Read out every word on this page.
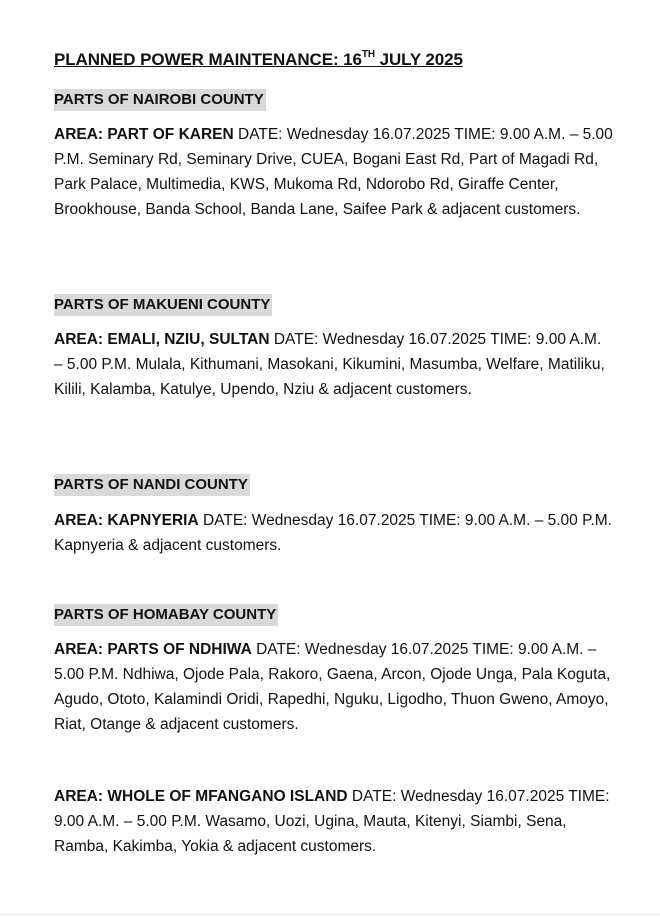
PLANNED POWER MAINTENANCE: 16TH JULY 2025
PARTS OF NAIROBI COUNTY
AREA: PART OF KAREN DATE: Wednesday 16.07.2025 TIME: 9.00 A.M. – 5.00 P.M. Seminary Rd, Seminary Drive, CUEA, Bogani East Rd, Part of Magadi Rd, Park Palace, Multimedia, KWS, Mukoma Rd, Ndorobo Rd, Giraffe Center, Brookhouse, Banda School, Banda Lane, Saifee Park & adjacent customers.
PARTS OF MAKUENI COUNTY
AREA: EMALI, NZIU, SULTAN DATE: Wednesday 16.07.2025 TIME: 9.00 A.M. – 5.00 P.M. Mulala, Kithumani, Masokani, Kikumini, Masumba, Welfare, Matiliku, Kilili, Kalamba, Katulye, Upendo, Nziu & adjacent customers.
PARTS OF NANDI COUNTY
AREA: KAPNYERIA DATE: Wednesday 16.07.2025 TIME: 9.00 A.M. – 5.00 P.M. Kapnyeria & adjacent customers.
PARTS OF HOMABAY COUNTY
AREA: PARTS OF NDHIWA DATE: Wednesday 16.07.2025 TIME: 9.00 A.M. – 5.00 P.M. Ndhiwa, Ojode Pala, Rakoro, Gaena, Arcon, Ojode Unga, Pala Koguta, Agudo, Ototo, Kalamindi Oridi, Rapedhi, Nguku, Ligodho, Thuon Gweno, Amoyo, Riat, Otange & adjacent customers.
AREA: WHOLE OF MFANGANO ISLAND DATE: Wednesday 16.07.2025 TIME: 9.00 A.M. – 5.00 P.M. Wasamo, Uozi, Ugina, Mauta, Kitenyi, Siambi, Sena, Ramba, Kakimba, Yokia & adjacent customers.
